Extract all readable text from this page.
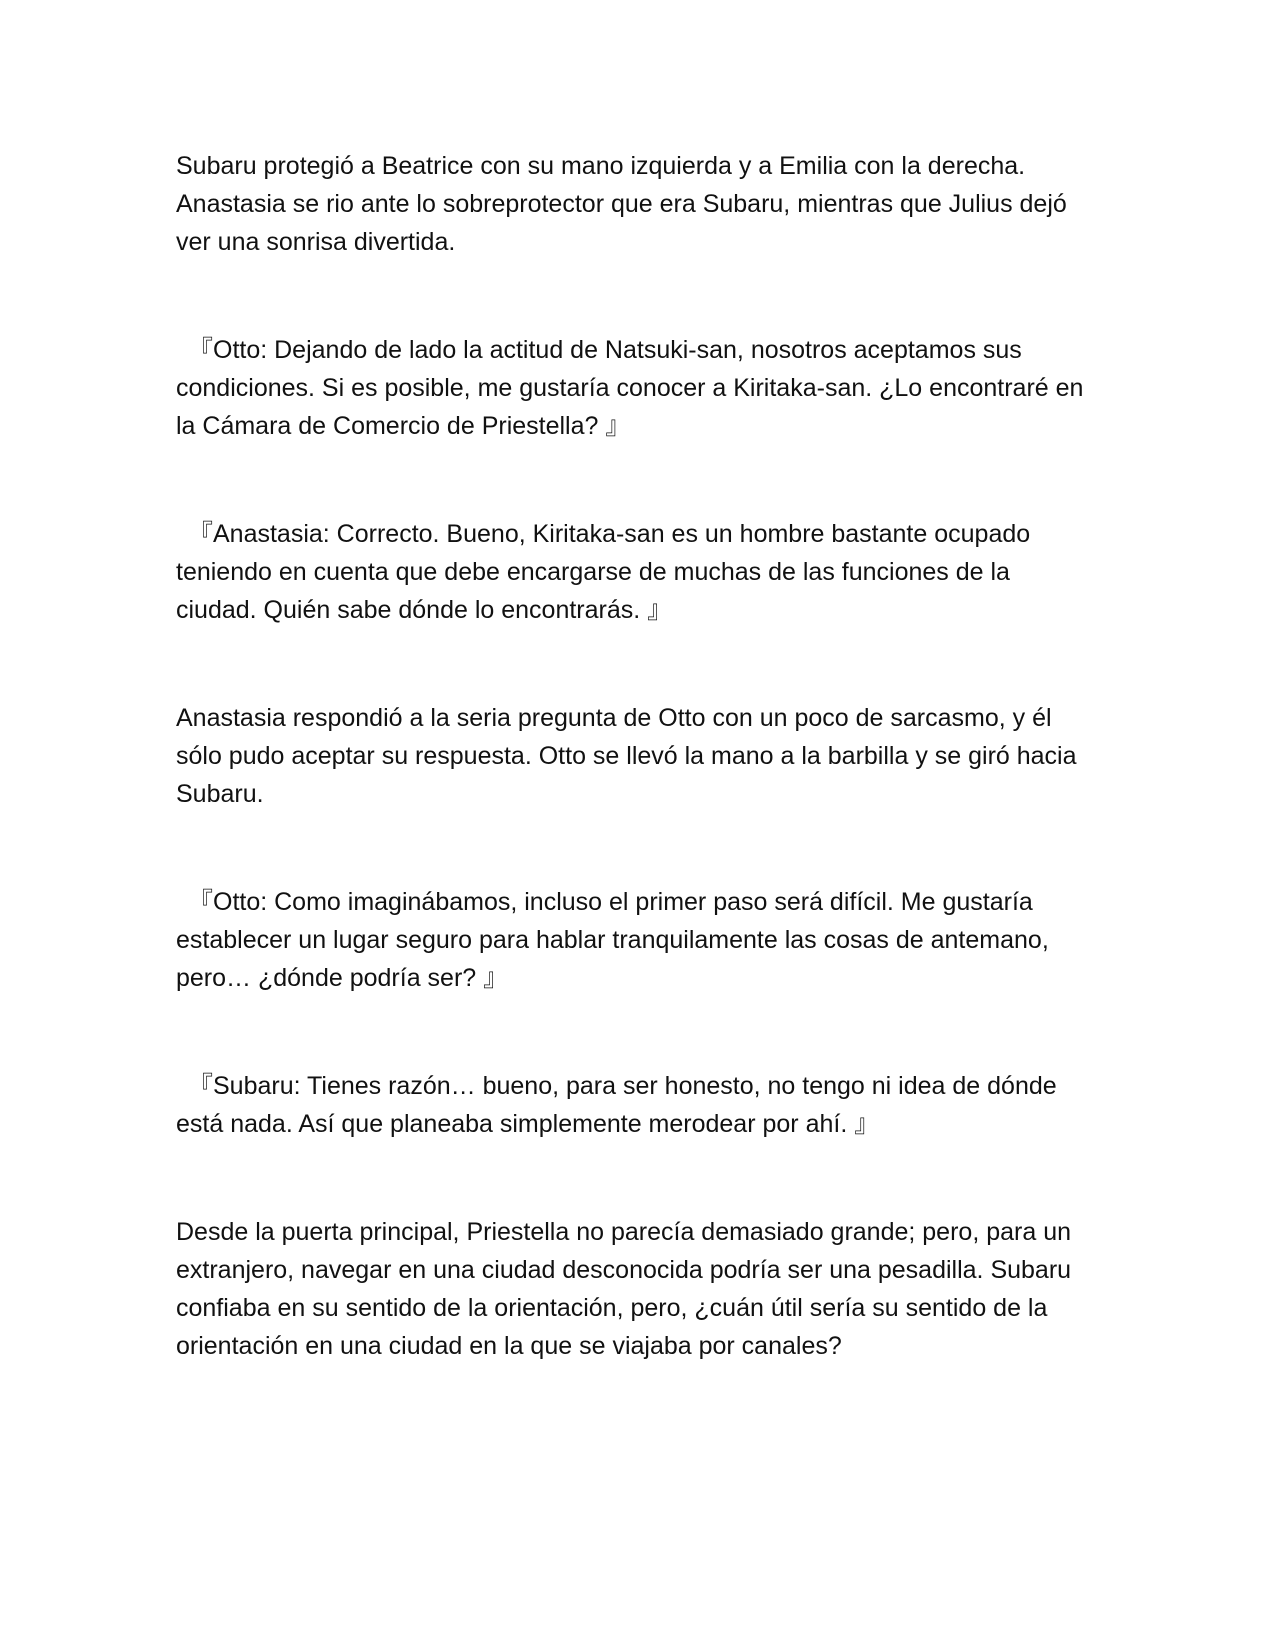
Subaru protegió a Beatrice con su mano izquierda y a Emilia con la derecha. Anastasia se rio ante lo sobreprotector que era Subaru, mientras que Julius dejó ver una sonrisa divertida.

『Otto: Dejando de lado la actitud de Natsuki-san, nosotros aceptamos sus condiciones. Si es posible, me gustaría conocer a Kiritaka-san. ¿Lo encontraré en la Cámara de Comercio de Priestella? 』

『Anastasia: Correcto. Bueno, Kiritaka-san es un hombre bastante ocupado teniendo en cuenta que debe encargarse de muchas de las funciones de la ciudad. Quién sabe dónde lo encontrarás. 』

Anastasia respondió a la seria pregunta de Otto con un poco de sarcasmo, y él sólo pudo aceptar su respuesta. Otto se llevó la mano a la barbilla y se giró hacia Subaru.

『Otto: Como imaginábamos, incluso el primer paso será difícil. Me gustaría establecer un lugar seguro para hablar tranquilamente las cosas de antemano, pero… ¿dónde podría ser? 』

『Subaru: Tienes razón… bueno, para ser honesto, no tengo ni idea de dónde está nada. Así que planeaba simplemente merodear por ahí. 』

Desde la puerta principal, Priestella no parecía demasiado grande; pero, para un extranjero, navegar en una ciudad desconocida podría ser una pesadilla. Subaru confiaba en su sentido de la orientación, pero, ¿cuán útil sería su sentido de la orientación en una ciudad en la que se viajaba por canales?
